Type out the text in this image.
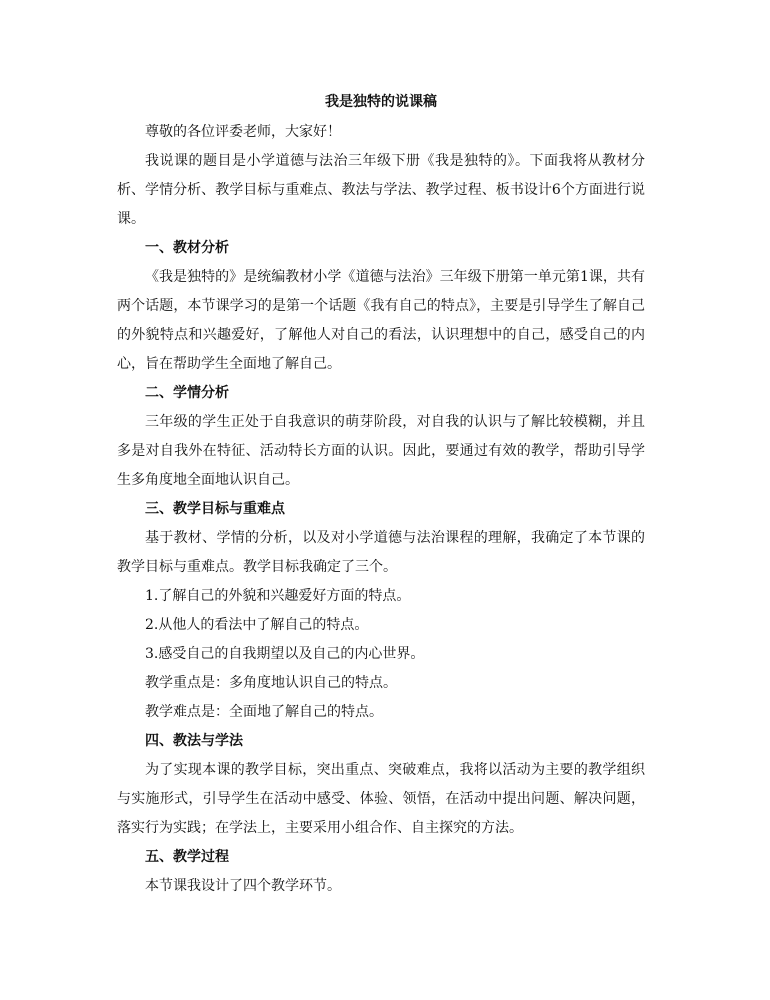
我是独特的说课稿

尊敬的各位评委老师，大家好！

我说课的题目是小学道德与法治三年级下册《我是独特的》。下面我将从教材分析、学情分析、教学目标与重难点、教法与学法、教学过程、板书设计6个方面进行说课。

一、教材分析

《我是独特的》是统编教材小学《道德与法治》三年级下册第一单元第1课，共有两个话题，本节课学习的是第一个话题《我有自己的特点》，主要是引导学生了解自己的外貌特点和兴趣爱好，了解他人对自己的看法，认识理想中的自己，感受自己的内心，旨在帮助学生全面地了解自己。

二、学情分析

三年级的学生正处于自我意识的萌芽阶段，对自我的认识与了解比较模糊，并且多是对自我外在特征、活动特长方面的认识。因此，要通过有效的教学，帮助引导学生多角度地全面地认识自己。

三、教学目标与重难点

基于教材、学情的分析，以及对小学道德与法治课程的理解，我确定了本节课的教学目标与重难点。教学目标我确定了三个。

1.了解自己的外貌和兴趣爱好方面的特点。

2.从他人的看法中了解自己的特点。

3.感受自己的自我期望以及自己的内心世界。

教学重点是：多角度地认识自己的特点。

教学难点是：全面地了解自己的特点。

四、教法与学法

为了实现本课的教学目标，突出重点、突破难点，我将以活动为主要的教学组织与实施形式，引导学生在活动中感受、体验、领悟，在活动中提出问题、解决问题，落实行为实践；在学法上，主要采用小组合作、自主探究的方法。

五、教学过程

本节课我设计了四个教学环节。
